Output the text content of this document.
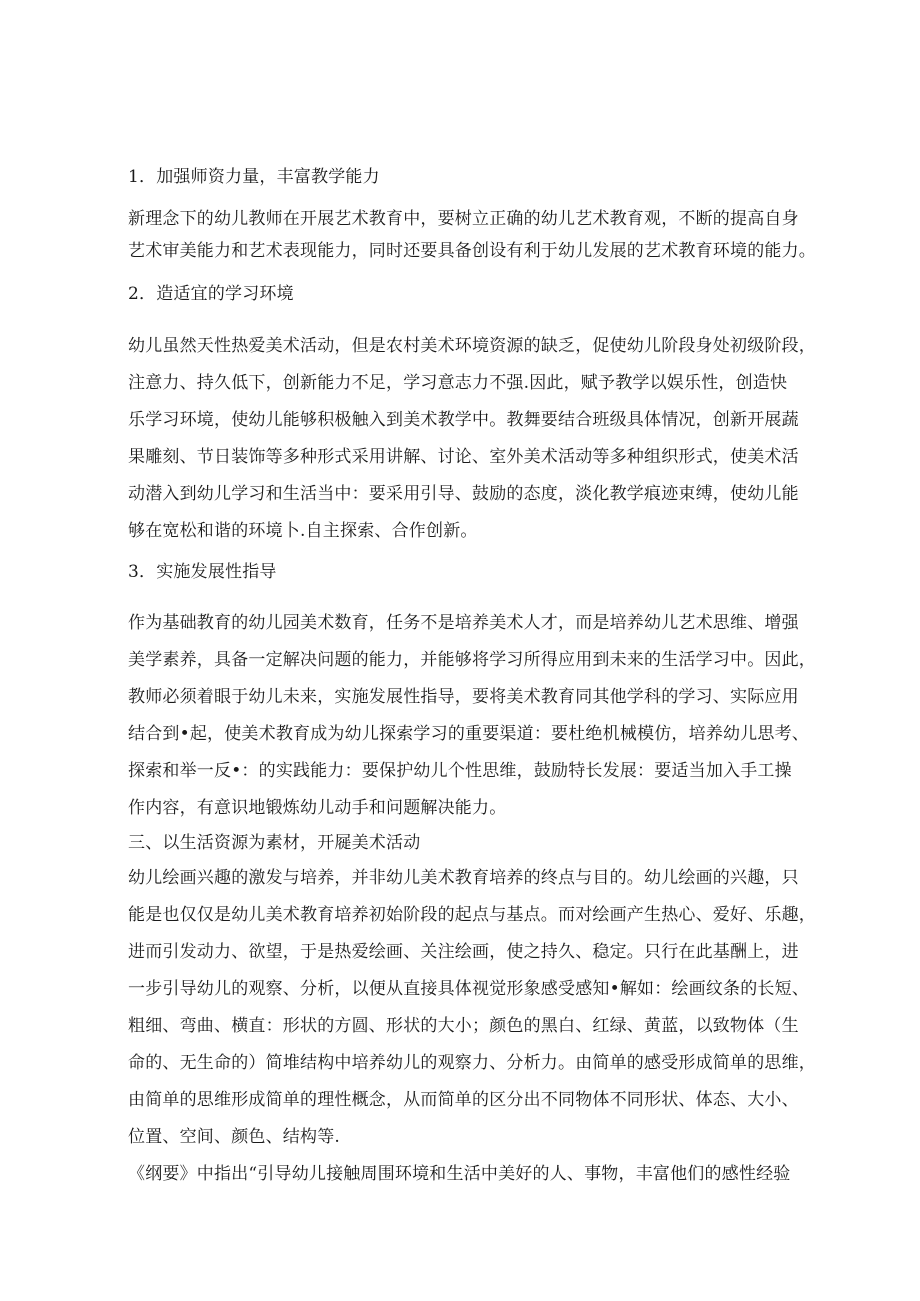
1．加强师资力量，丰富教学能力
新理念下的幼儿教师在开展艺术教育中，要树立正确的幼儿艺术教育观，不断的提高自身
艺术审美能力和艺术表现能力，同时还要具备创设有利于幼儿发展的艺术教育环境的能力。
2．造适宜的学习环境
幼儿虽然天性热爱美术活动，但是农村美术环境资源的缺乏，促使幼儿阶段身处初级阶段，
注意力、持久低下，创新能力不足，学习意志力不强.因此，赋予教学以娱乐性，创造快
乐学习环境，使幼儿能够积极触入到美术教学中。教舞要结合班级具体情况，创新开展蔬
果雕刻、节日装饰等多种形式采用讲解、讨论、室外美术活动等多种组织形式，使美术活
动潜入到幼儿学习和生活当中：要采用引导、鼓励的态度，淡化教学痕迹束缚，使幼儿能
够在宽松和谐的环境卜.自主探索、合作创新。
3．实施发展性指导
作为基础教育的幼儿园美术数育，任务不是培养美术人才，而是培养幼儿艺术思维、增强
美学素养，具备一定解决问题的能力，并能够将学习所得应用到未来的生活学习中。因此，
教师必须着眼于幼儿未来，实施发展性指导，要将美术教育同其他学科的学习、实际应用
结合到•起，使美术教育成为幼儿探索学习的重要渠道：要杜绝机械模仿，培养幼儿思考、
探索和举一反•：的实践能力：要保护幼儿个性思维，鼓励特长发展：要适当加入手工操
作内容，有意识地锻炼幼儿动手和问题解决能力。
三、以生活资源为素材，开屣美术活动
幼儿绘画兴趣的激发与培养，并非幼儿美术教育培养的终点与目的。幼儿绘画的兴趣，只
能是也仅仅是幼儿美术教育培养初始阶段的起点与基点。而对绘画产生热心、爱好、乐趣，
进而引发动力、欲望，于是热爱绘画、关注绘画，使之持久、稳定。只行在此基酬上，进
一步引导幼儿的观察、分析，以便从直接具体视觉形象感受感知•解如：绘画纹条的长短、
粗细、弯曲、横直：形状的方圆、形状的大小；颜色的黑白、红绿、黄蓝，以致物体（生
命的、无生命的）简堆结构中培养幼儿的观察力、分析力。由简单的感受形成简单的思维，
由简单的思维形成简单的理性概念，从而简单的区分出不同物体不同形状、体态、大小、
位置、空间、颜色、结构等.
《纲要》中指出“引导幼儿接触周围环境和生活中美好的人、事物，丰富他们的感性经验
